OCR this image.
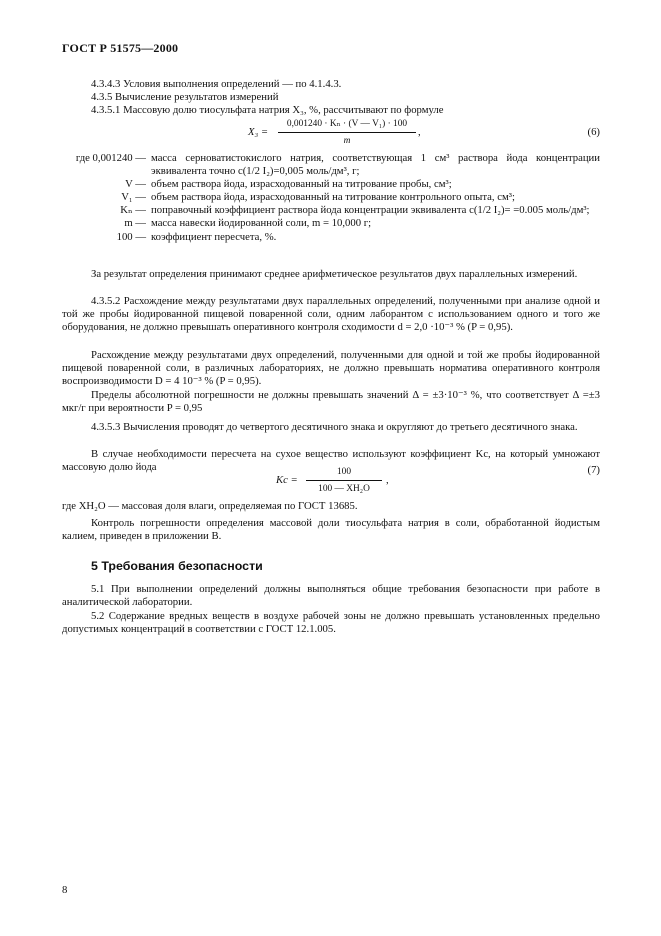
ГОСТ Р 51575—2000
4.3.4.3 Условия выполнения определений — по 4.1.4.3.
4.3.5 Вычисление результатов измерений
4.3.5.1 Массовую долю тиосульфата натрия X₃, %, рассчитывают по формуле
$X_3 = \frac{\text{0,001240 · Kₙ · (V — V₁) · 100}}{m}$ ,	(6)
где 0,001240 — масса серноватистокислого натрия, соответствующая 1 см³ раствора йода концентрации эквивалента точно c(1/2 I₂)=0,005 моль/дм³, г;
V — объем раствора йода, израсходованный на титрование пробы, см³;
V₁ — объем раствора йода, израсходованный на титрование контрольного опыта, см³;
Kₙ — поправочный коэффициент раствора йода концентрации эквивалента c(1/2 I₂)= =0.005 моль/дм³;
m — масса навески йодированной соли, m = 10,000 г;
100 — коэффициент пересчета, %.

За результат определения принимают среднее арифметическое результатов двух параллельных измерений.

4.3.5.2 Расхождение между результатами двух параллельных определений, полученными при анализе одной и той же пробы йодированной пищевой поваренной соли, одним лаборантом с использованием одного и того же оборудования, не должно превышать оперативного контроля сходимости d = 2,0 ·10⁻³ % (P = 0,95).

Расхождение между результатами двух определений, полученными для одной и той же пробы йодированной пищевой поваренной соли, в различных лабораториях, не должно превышать норматива оперативного контроля воспроизводимости D = 4 10⁻³ % (P = 0,95).

Пределы абсолютной погрешности не должны превышать значений Δ = ±3·10⁻³ %, что соответствует Δ =±3 мкг/г при вероятности P = 0,95

4.3.5.3 Вычисления проводят до четвертого десятичного знака и округляют до третьего десятичного знака.

В случае необходимости пересчета на сухое вещество используют коэффициент Kc, на который умножают массовую долю йода

$Kc = \frac{100}{\text{100 — XH₂O}}$ ,
(7)

где XH₂O — массовая доля влаги, определяемая по ГОСТ 13685.

Контроль погрешности определения массовой доли тиосульфата натрия в соли, обработанной йодистым калием, приведен в приложении В.

5 Требования безопасности

5.1 При выполнении определений должны выполняться общие требования безопасности при работе в аналитической лаборатории.

5.2 Содержание вредных веществ в воздухе рабочей зоны не должно превышать установленных предельно допустимых концентраций в соответствии с ГОСТ 12.1.005.

8
